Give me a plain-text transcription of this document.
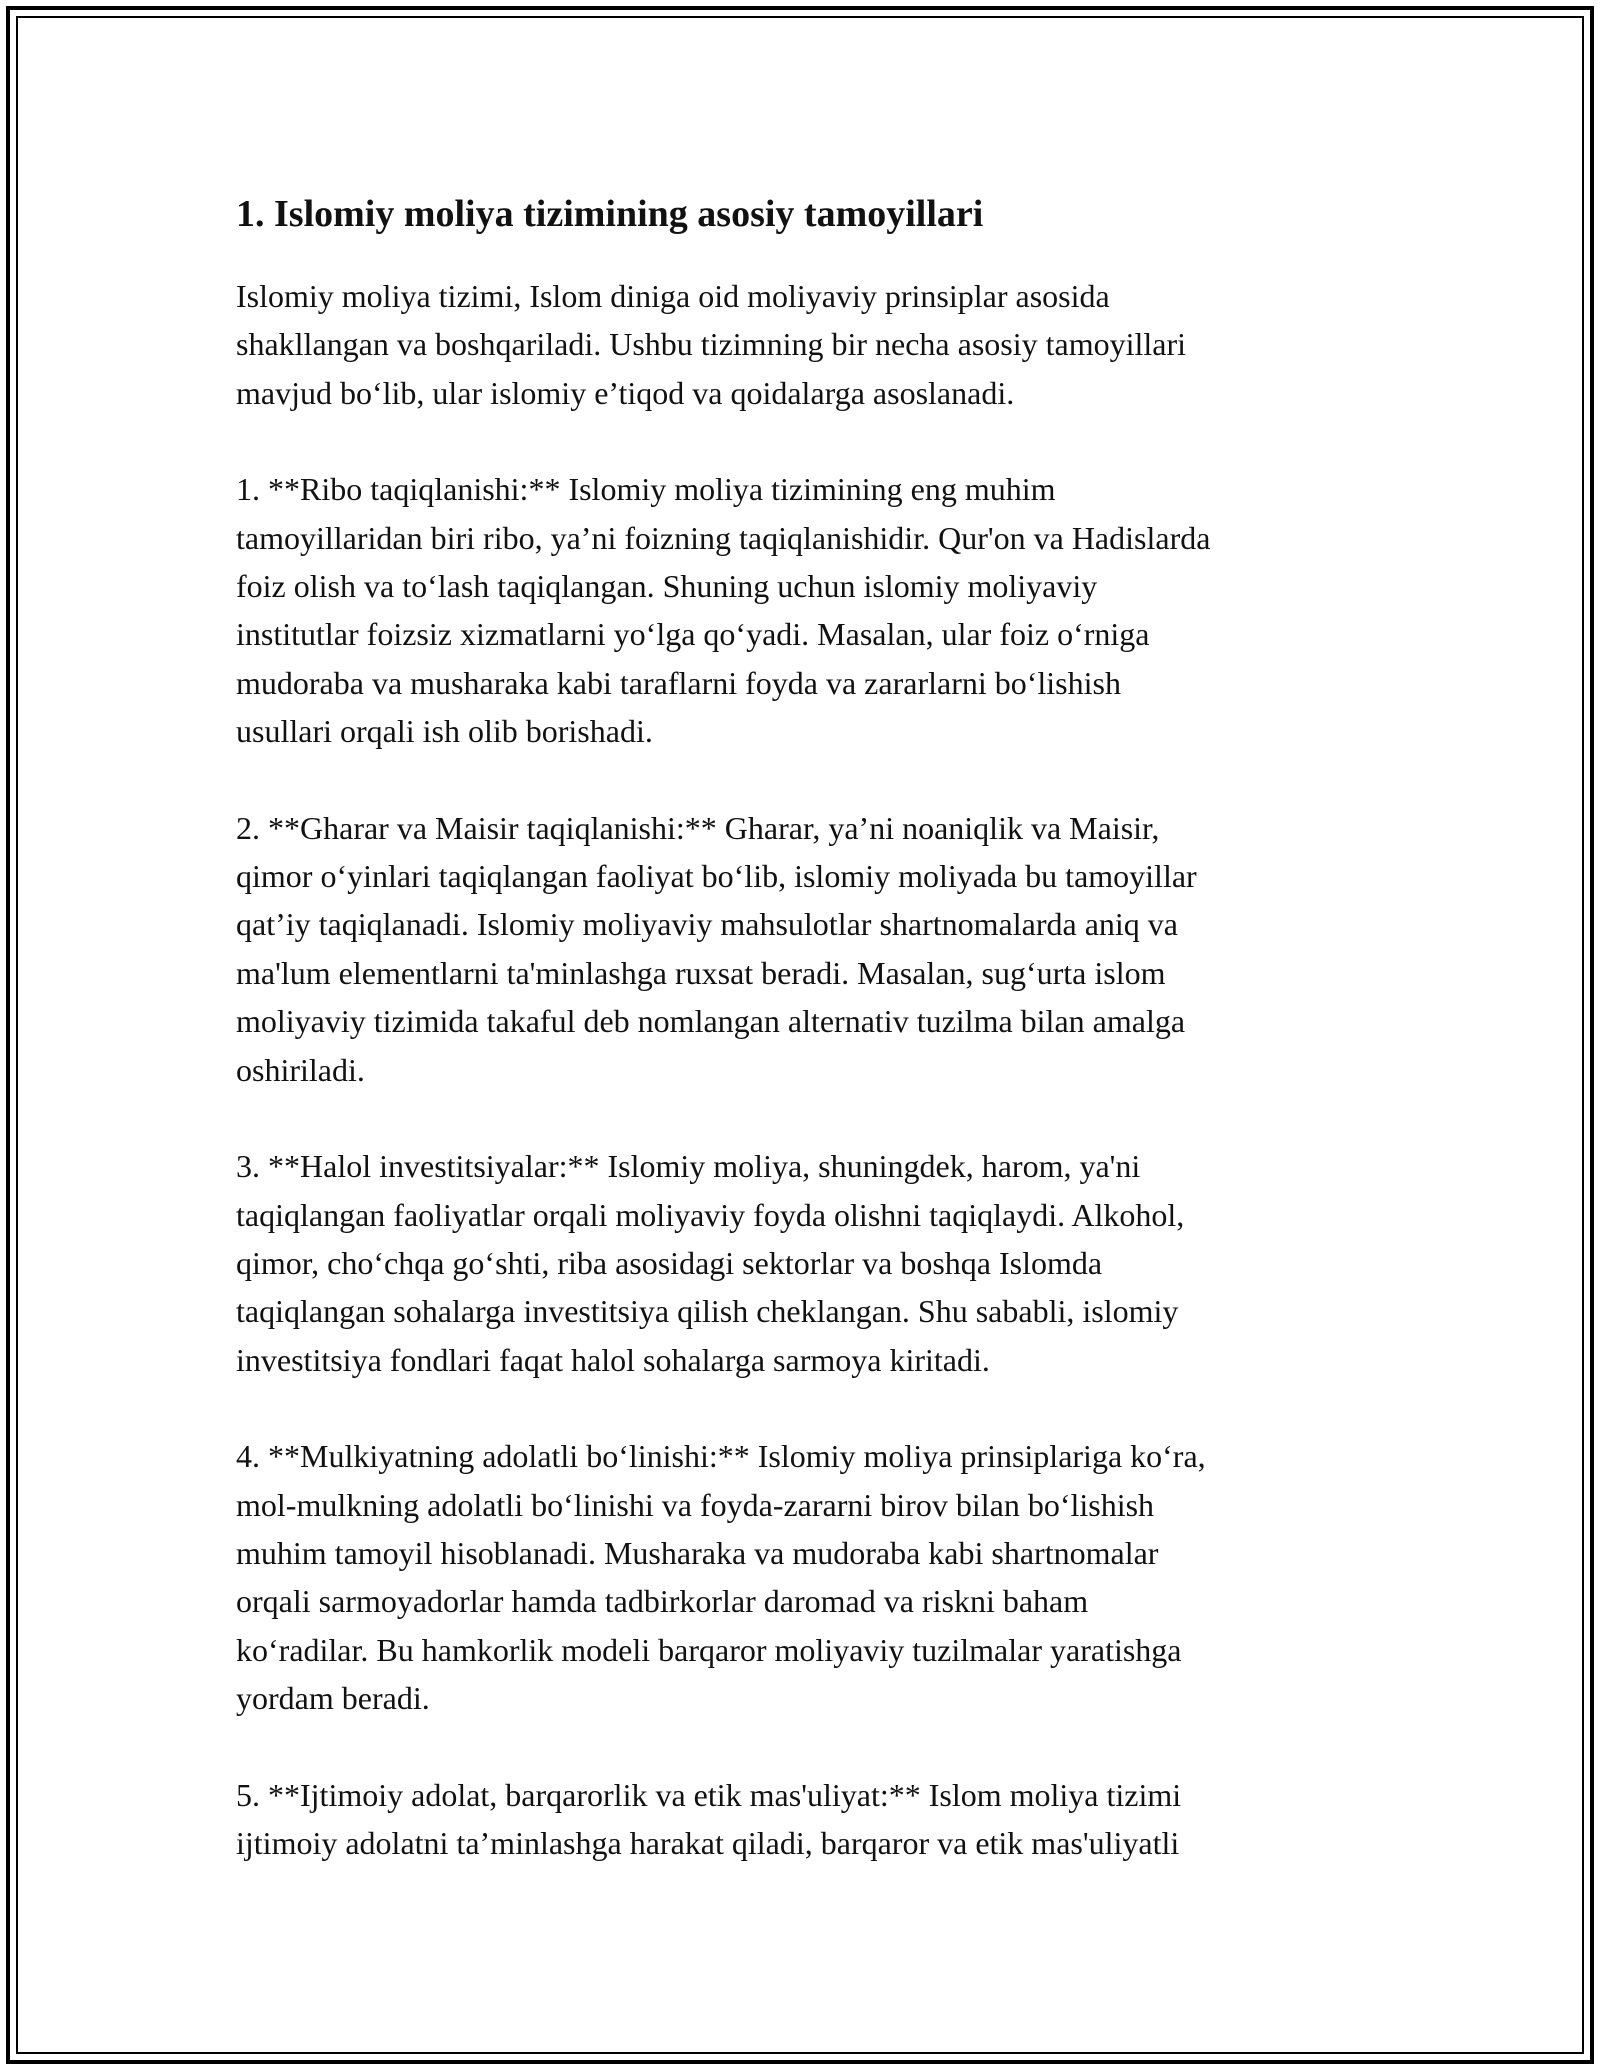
1. Islomiy moliya tizimining asosiy tamoyillari

Islomiy moliya tizimi, Islom diniga oid moliyaviy prinsiplar asosida
shakllangan va boshqariladi. Ushbu tizimning bir necha asosiy tamoyillari
mavjud bo‘lib, ular islomiy e’tiqod va qoidalarga asoslanadi.

1. **Ribo taqiqlanishi:** Islomiy moliya tizimining eng muhim
tamoyillaridan biri ribo, ya’ni foizning taqiqlanishidir. Qur'on va Hadislarda
foiz olish va to‘lash taqiqlangan. Shuning uchun islomiy moliyaviy
institutlar foizsiz xizmatlarni yo‘lga qo‘yadi. Masalan, ular foiz o‘rniga
mudoraba va musharaka kabi taraflarni foyda va zararlarni bo‘lishish
usullari orqali ish olib borishadi.

2. **Gharar va Maisir taqiqlanishi:** Gharar, ya’ni noaniqlik va Maisir,
qimor o‘yinlari taqiqlangan faoliyat bo‘lib, islomiy moliyada bu tamoyillar
qat’iy taqiqlanadi. Islomiy moliyaviy mahsulotlar shartnomalarda aniq va
ma'lum elementlarni ta'minlashga ruxsat beradi. Masalan, sug‘urta islom
moliyaviy tizimida takaful deb nomlangan alternativ tuzilma bilan amalga
oshiriladi.

3. **Halol investitsiyalar:** Islomiy moliya, shuningdek, harom, ya'ni
taqiqlangan faoliyatlar orqali moliyaviy foyda olishni taqiqlaydi. Alkohol,
qimor, cho‘chqa go‘shti, riba asosidagi sektorlar va boshqa Islomda
taqiqlangan sohalarga investitsiya qilish cheklangan. Shu sababli, islomiy
investitsiya fondlari faqat halol sohalarga sarmoya kiritadi.

4. **Mulkiyatning adolatli bo‘linishi:** Islomiy moliya prinsiplariga ko‘ra,
mol-mulkning adolatli bo‘linishi va foyda-zararni birov bilan bo‘lishish
muhim tamoyil hisoblanadi. Musharaka va mudoraba kabi shartnomalar
orqali sarmoyadorlar hamda tadbirkorlar daromad va riskni baham
ko‘radilar. Bu hamkorlik modeli barqaror moliyaviy tuzilmalar yaratishga
yordam beradi.

5. **Ijtimoiy adolat, barqarorlik va etik mas'uliyat:** Islom moliya tizimi
ijtimoiy adolatni ta’minlashga harakat qiladi, barqaror va etik mas'uliyatli
